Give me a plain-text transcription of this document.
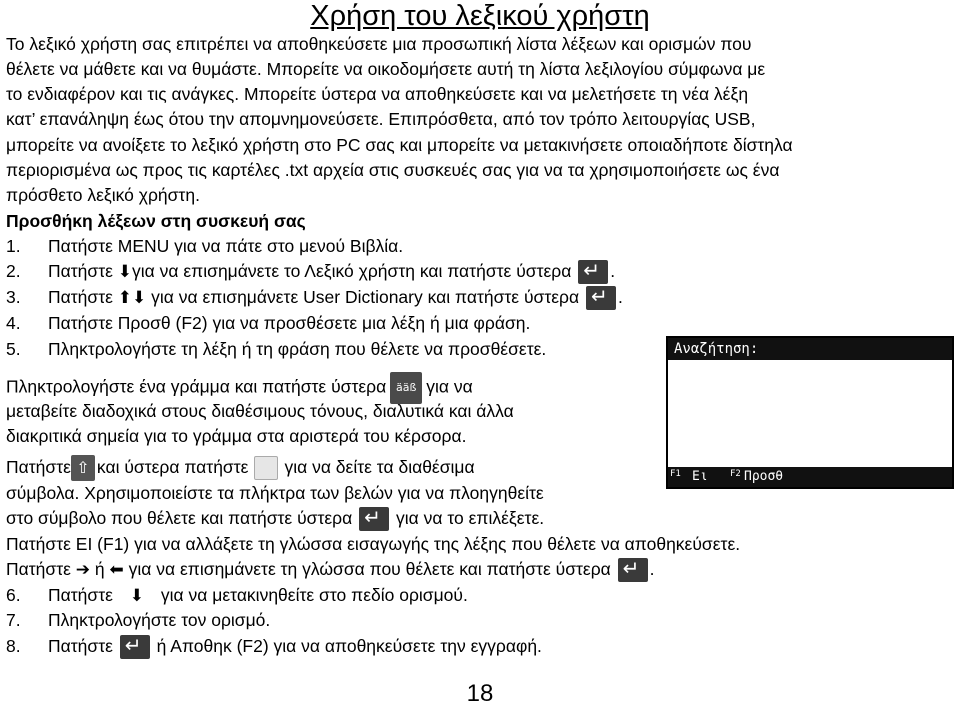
Χρήση του λεξικού χρήστη
Το λεξικό χρήστη σας επιτρέπει να αποθηκεύσετε μια προσωπική λίστα λέξεων και ορισμών που
θέλετε να μάθετε και να θυμάστε. Μπορείτε να οικοδομήσετε αυτή τη λίστα λεξιλογίου σύμφωνα με
το ενδιαφέρον και τις ανάγκες. Μπορείτε ύστερα να αποθηκεύσετε και να μελετήσετε τη νέα λέξη
κατ’ επανάληψη έως ότου την απομνημονεύσετε. Επιπρόσθετα, από τον τρόπο λειτουργίας USB,
μπορείτε να ανοίξετε το λεξικό χρήστη στο PC σας και μπορείτε να μετακινήσετε οποιαδήποτε δίστηλα
περιορισμένα ως προς τις καρτέλες .txt αρχεία στις συσκευές σας για να τα χρησιμοποιήσετε ως ένα
πρόσθετο λεξικό χρήστη.
Προσθήκη λέξεων στη συσκευή σας
1. Πατήστε MENU για να πάτε στο μενού Βιβλία.
2. Πατήστε ⬇για να επισημάνετε το Λεξικό χρήστη και πατήστε ύστερα ↵ .
3. Πατήστε ⬆⬇ για να επισημάνετε User Dictionary και πατήστε ύστερα ↵ .
4. Πατήστε Προσθ (F2) για να προσθέσετε μια λέξη ή μια φράση.
5. Πληκτρολογήστε τη λέξη ή τη φράση που θέλετε να προσθέσετε.	Αναζήτηση:
F1 Ει F2 Προσθ
Πληκτρολογήστε ένα γράμμα και πατήστε ύστερα ääß για να
μεταβείτε διαδοχικά στους διαθέσιμους τόνους, διαλυτικά και άλλα
διακριτικά σημεία για το γράμμα στα αριστερά του κέρσορα.
Πατήστε ⇧ και ύστερα πατήστε για να δείτε τα διαθέσιμα
σύμβολα. Χρησιμοποιείστε τα πλήκτρα των βελών για να πλοηγηθείτε
στο σύμβολο που θέλετε και πατήστε ύστερα ↵	για να το επιλέξετε.
Πατήστε ΕΙ (F1) για να αλλάξετε τη γλώσσα εισαγωγής της λέξης που θέλετε να αποθηκεύσετε.
Πατήστε ➔ ή ⬅ για να επισημάνετε τη γλώσσα που θέλετε και πατήστε ύστερα ↵ .
6. Πατήστε ⬇ για να μετακινηθείτε στο πεδίο ορισμού.
7. Πληκτρολογήστε τον ορισμό.
8. Πατήστε ↵	ή Αποθηκ (F2) για να αποθηκεύσετε την εγγραφή.
18
